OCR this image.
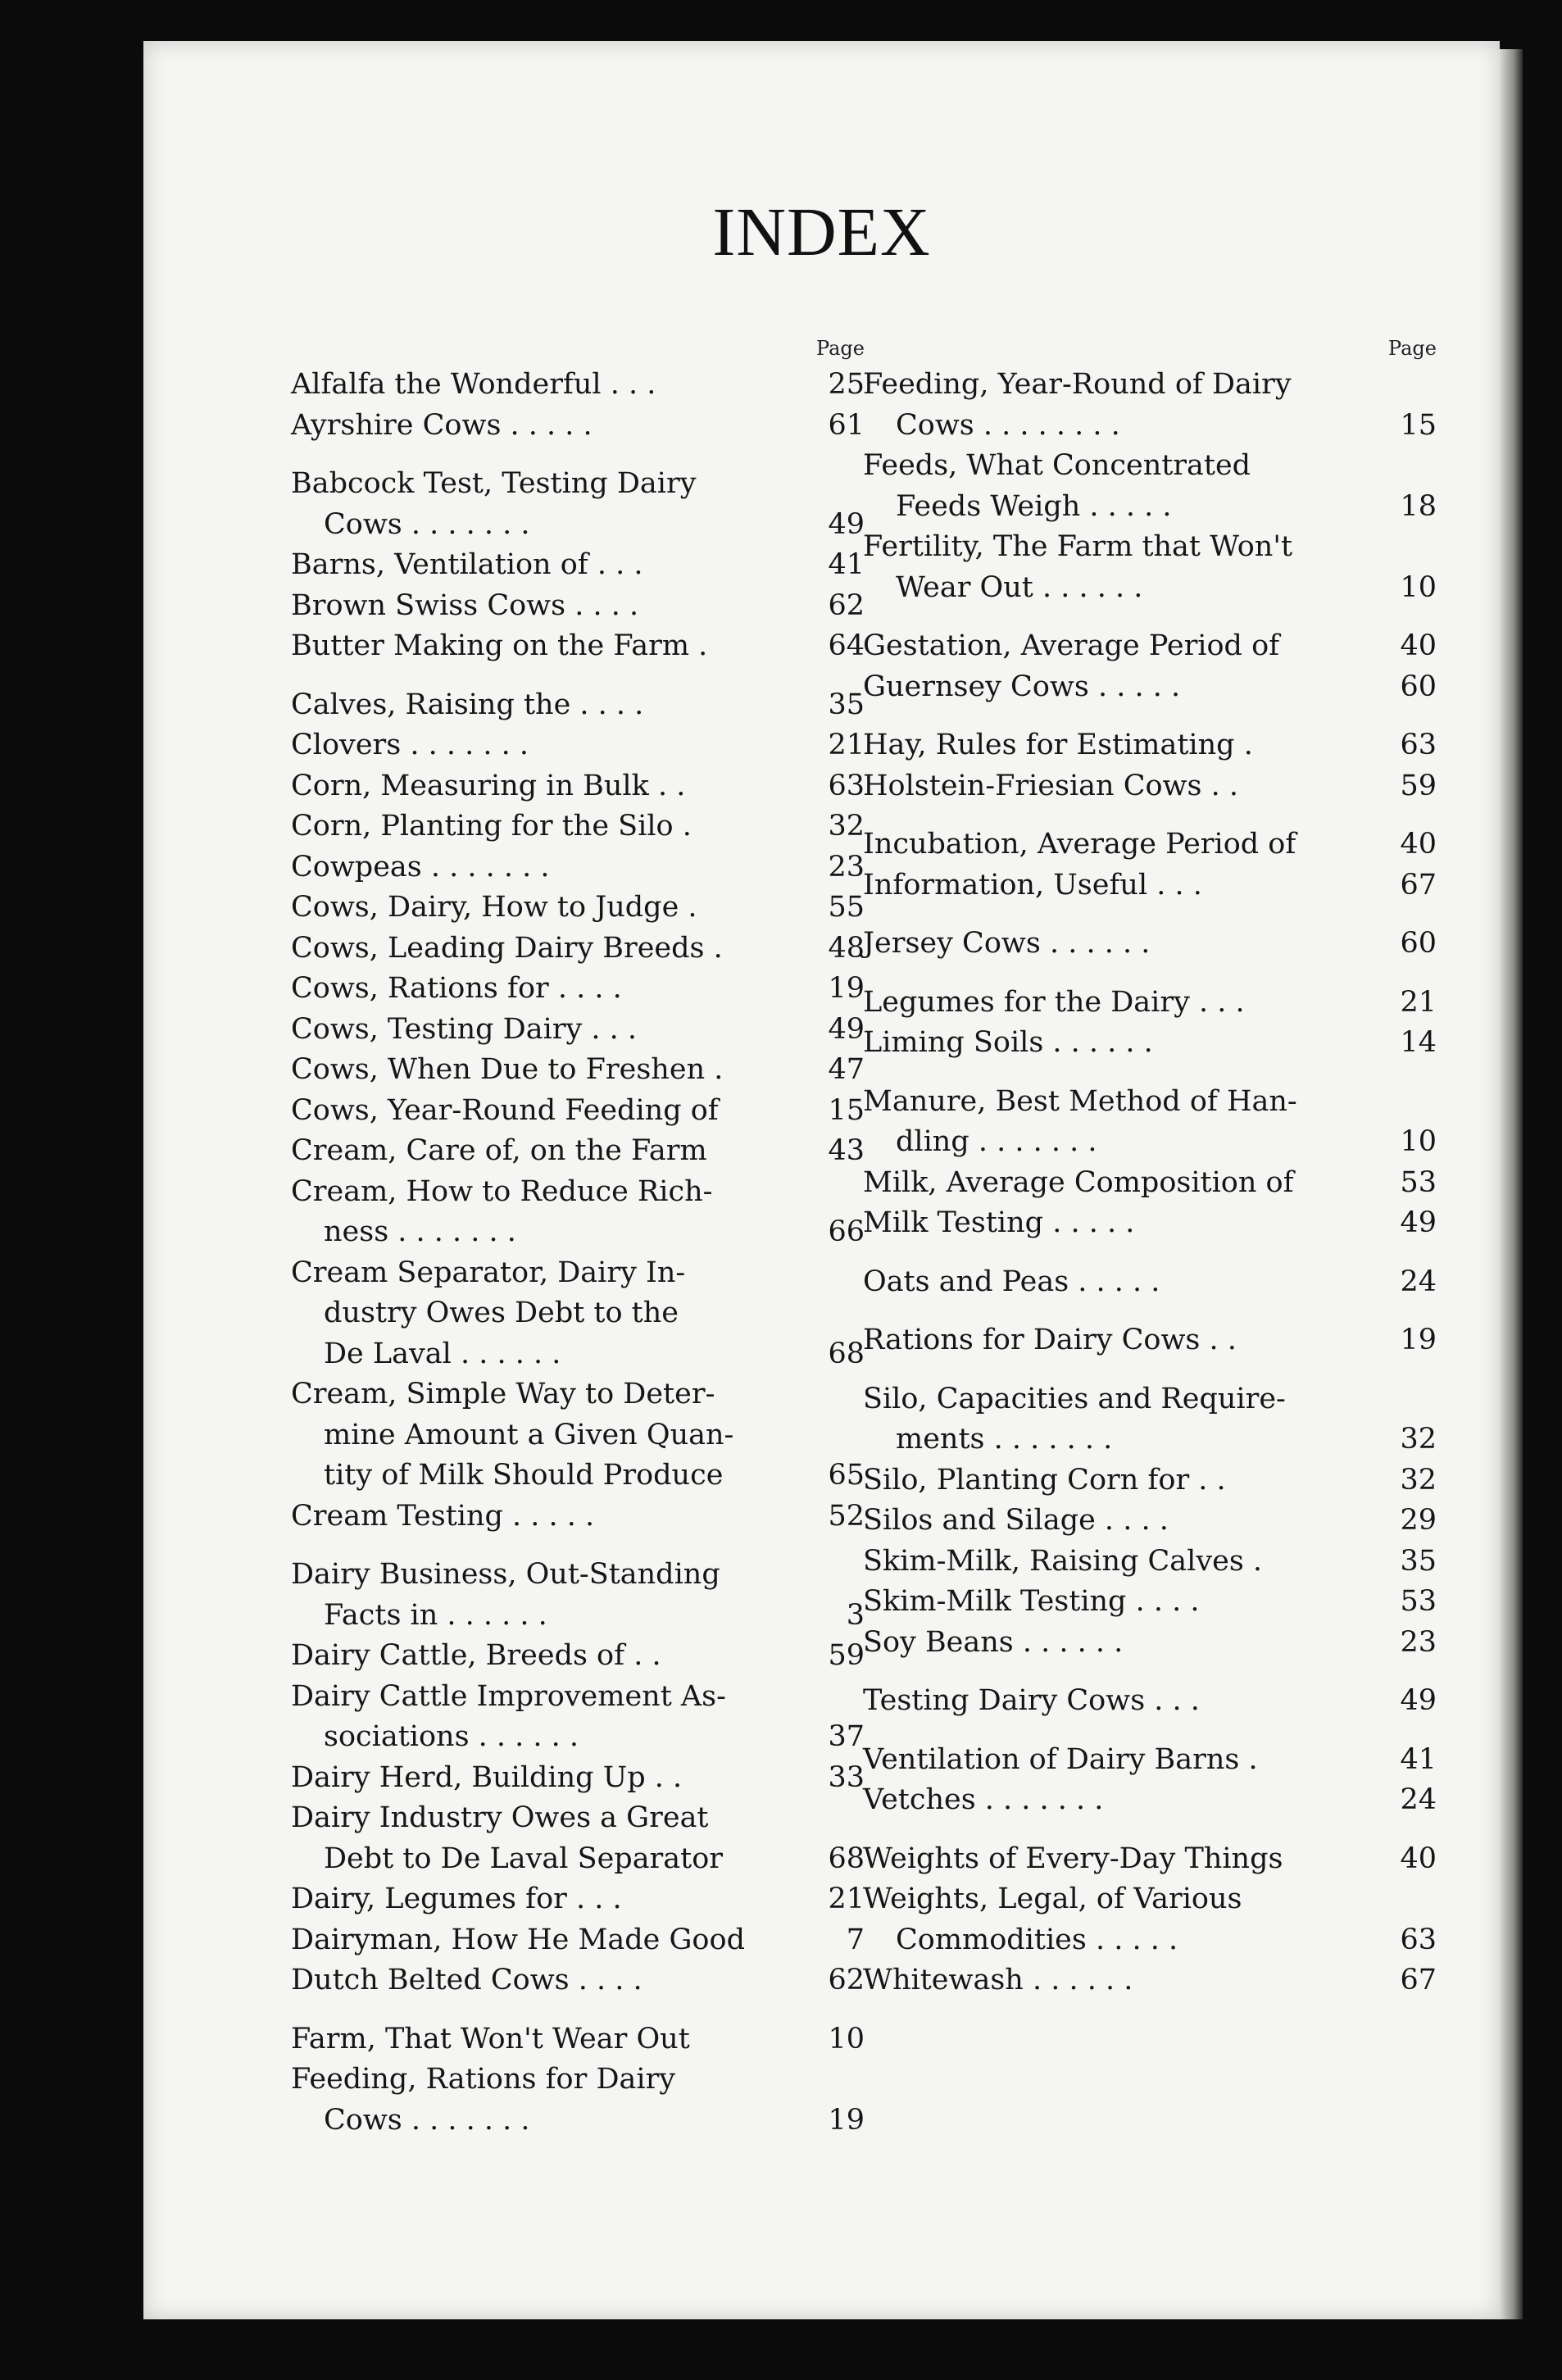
INDEX
Page
Alfalfa the Wonderful . . .	25
Ayrshire Cows . . . . .	61
Babcock Test, Testing Dairy
Cows . . . . . . .	49
Barns, Ventilation of . . .	41
Brown Swiss Cows . . . .	62
Butter Making on the Farm .	64
Calves, Raising the . . . .	35
Clovers . . . . . . .	21
Corn, Measuring in Bulk . .	63
Corn, Planting for the Silo .	32
Cowpeas . . . . . . .	23
Cows, Dairy, How to Judge .	55
Cows, Leading Dairy Breeds .	48
Cows, Rations for . . . .	19
Cows, Testing Dairy . . .	49
Cows, When Due to Freshen .	47
Cows, Year-Round Feeding of	15
Cream, Care of, on the Farm	43
Cream, How to Reduce Rich-
ness . . . . . . .	66
Cream Separator, Dairy In-
dustry Owes Debt to the
De Laval . . . . . .	68
Cream, Simple Way to Deter-
mine Amount a Given Quan-
tity of Milk Should Produce	65
Cream Testing . . . . .	52
Dairy Business, Out-Standing
Facts in . . . . . .	3
Dairy Cattle, Breeds of . .	59
Dairy Cattle Improvement As-
sociations . . . . . .	37
Dairy Herd, Building Up . .	33
Dairy Industry Owes a Great
Debt to De Laval Separator	68
Dairy, Legumes for . . .	21
Dairyman, How He Made Good	7
Dutch Belted Cows . . . .	62
Farm, That Won't Wear Out	10
Feeding, Rations for Dairy
Cows . . . . . . .	19
Page
Feeding, Year-Round of Dairy
Cows . . . . . . . .	15
Feeds, What Concentrated
Feeds Weigh . . . . .	18
Fertility, The Farm that Won't
Wear Out . . . . . .	10
Gestation, Average Period of	40
Guernsey Cows . . . . .	60
Hay, Rules for Estimating .	63
Holstein-Friesian Cows . .	59
Incubation, Average Period of	40
Information, Useful . . .	67
Jersey Cows . . . . . .	60
Legumes for the Dairy . . .	21
Liming Soils . . . . . .	14
Manure, Best Method of Han-
dling . . . . . . .	10
Milk, Average Composition of	53
Milk Testing . . . . .	49
Oats and Peas . . . . .	24
Rations for Dairy Cows . .	19
Silo, Capacities and Require-
ments . . . . . . .	32
Silo, Planting Corn for . .	32
Silos and Silage . . . .	29
Skim-Milk, Raising Calves .	35
Skim-Milk Testing . . . .	53
Soy Beans . . . . . .	23
Testing Dairy Cows . . .	49
Ventilation of Dairy Barns .	41
Vetches . . . . . . .	24
Weights of Every-Day Things	40
Weights, Legal, of Various
Commodities . . . . .	63
Whitewash . . . . . .	67
